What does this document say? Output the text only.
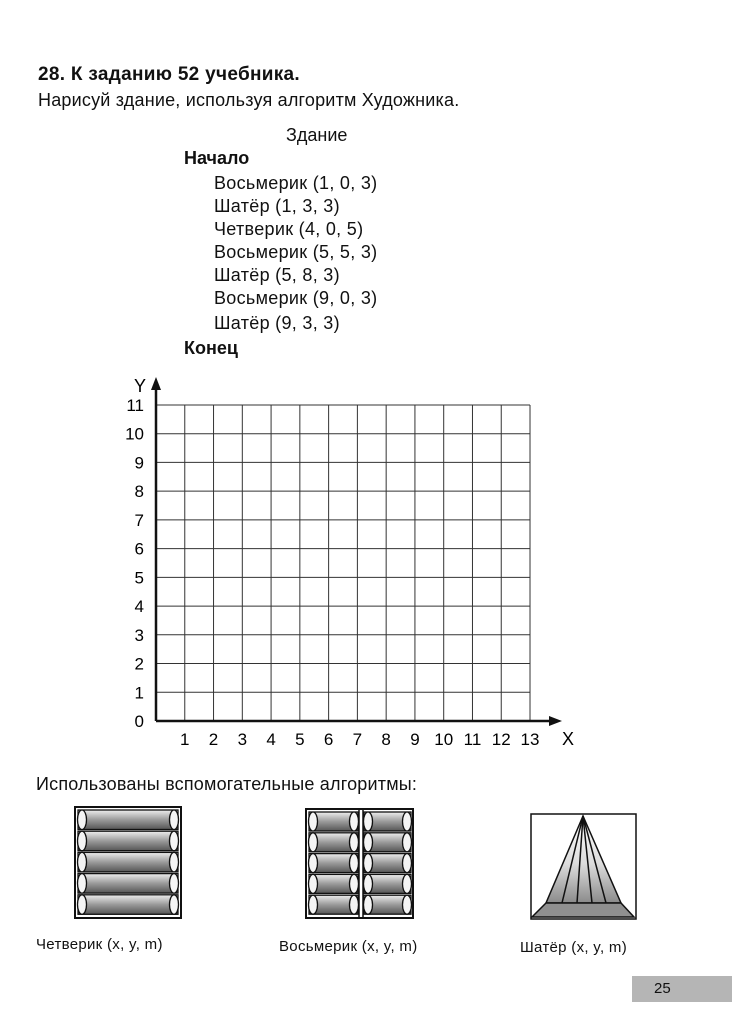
28. К заданию 52 учебника.
Нарисуй здание, используя алгоритм Художника.
Здание
Начало
Восьмерик (1, 0, 3)
Шатёр (1, 3, 3)
Четверик (4, 0, 5)
Восьмерик (5, 5, 3)
Шатёр (5, 8, 3)
Восьмерик (9, 0, 3)
Шатёр (9, 3, 3)
Конец
1 2 3 4 5 6 7 8 9 10 11 12 13
0
1
2
3
4
5
6
7
8
9
10
11
X
Y
Использованы вспомогательные алгоритмы:
Четверик (x, y, m)	Восьмерик (x, y, m)	Шатёр (x, y, m)
25
